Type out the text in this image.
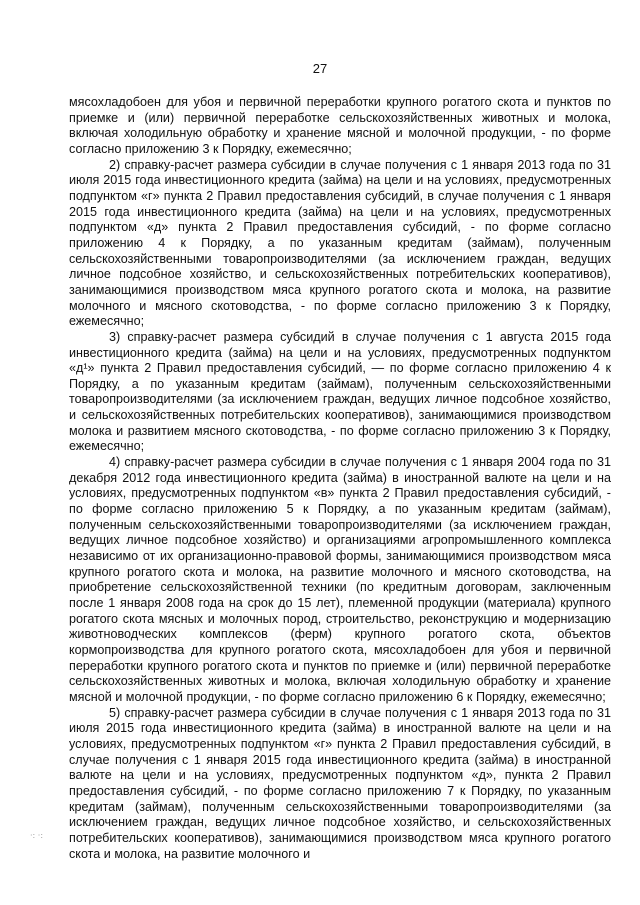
27

мясохладобоен для убоя и первичной переработки крупного рогатого скота и пунктов по приемке и (или) первичной переработке сельскохозяйственных животных и молока, включая холодильную обработку и хранение мясной и молочной продукции, - по форме согласно приложению 3 к Порядку, ежемесячно;

2) справку-расчет размера субсидии в случае получения с 1 января 2013 года по 31 июля 2015 года инвестиционного кредита (займа) на цели и на условиях, предусмотренных подпунктом «г» пункта 2 Правил предоставления субсидий, в случае получения с 1 января 2015 года инвестиционного кредита (займа) на цели и на условиях, предусмотренных подпунктом «д» пункта 2 Правил предоставления субсидий, - по форме согласно приложению 4 к Порядку, а по указанным кредитам (займам), полученным сельскохозяйственными товаропроизводителями (за исключением граждан, ведущих личное подсобное хозяйство, и сельскохозяйственных потребительских кооперативов), занимающимися производством мяса крупного рогатого скота и молока, на развитие молочного и мясного скотоводства, - по форме согласно приложению 3 к Порядку, ежемесячно;

3) справку-расчет размера субсидий в случае получения с 1 августа 2015 года инвестиционного кредита (займа) на цели и на условиях, предусмотренных подпунктом «д¹» пункта 2 Правил предоставления субсидий, — по форме согласно приложению 4 к Порядку, а по указанным кредитам (займам), полученным сельскохозяйственными товаропроизводителями (за исключением граждан, ведущих личное подсобное хозяйство, и сельскохозяйственных потребительских кооперативов), занимающимися производством молока и развитием мясного скотоводства, - по форме согласно приложению 3 к Порядку, ежемесячно;

4) справку-расчет размера субсидии в случае получения с 1 января 2004 года по 31 декабря 2012 года инвестиционного кредита (займа) в иностранной валюте на цели и на условиях, предусмотренных подпунктом «в» пункта 2 Правил предоставления субсидий, - по форме согласно приложению 5 к Порядку, а по указанным кредитам (займам), полученным сельскохозяйственными товаропроизводителями (за исключением граждан, ведущих личное подсобное хозяйство) и организациями агропромышленного комплекса независимо от их организационно-правовой формы, занимающимися производством мяса крупного рогатого скота и молока, на развитие молочного и мясного скотоводства, на приобретение сельскохозяйственной техники (по кредитным договорам, заключенным после 1 января 2008 года на срок до 15 лет), племенной продукции (материала) крупного рогатого скота мясных и молочных пород, строительство, реконструкцию и модернизацию животноводческих комплексов (ферм) крупного рогатого скота, объектов кормопроизводства для крупного рогатого скота, мясохладобоен для убоя и первичной переработки крупного рогатого скота и пунктов по приемке и (или) первичной переработке сельскохозяйственных животных и молока, включая холодильную обработку и хранение мясной и молочной продукции, - по форме согласно приложению 6 к Порядку, ежемесячно;

5) справку-расчет размера субсидии в случае получения с 1 января 2013 года по 31 июля 2015 года инвестиционного кредита (займа) в иностранной валюте на цели и на условиях, предусмотренных подпунктом «г» пункта 2 Правил предоставления субсидий, в случае получения с 1 января 2015 года инвестиционного кредита (займа) в иностранной валюте на цели и на условиях, предусмотренных подпунктом «д», пункта 2 Правил предоставления субсидий, - по форме согласно приложению 7 к Порядку, по указанным кредитам (займам), полученным сельскохозяйственными товаропроизводителями (за исключением граждан, ведущих личное подсобное хозяйство, и сельскохозяйственных потребительских кооперативов), занимающимися производством мяса крупного рогатого скота и молока, на развитие молочного и

·: ·:
